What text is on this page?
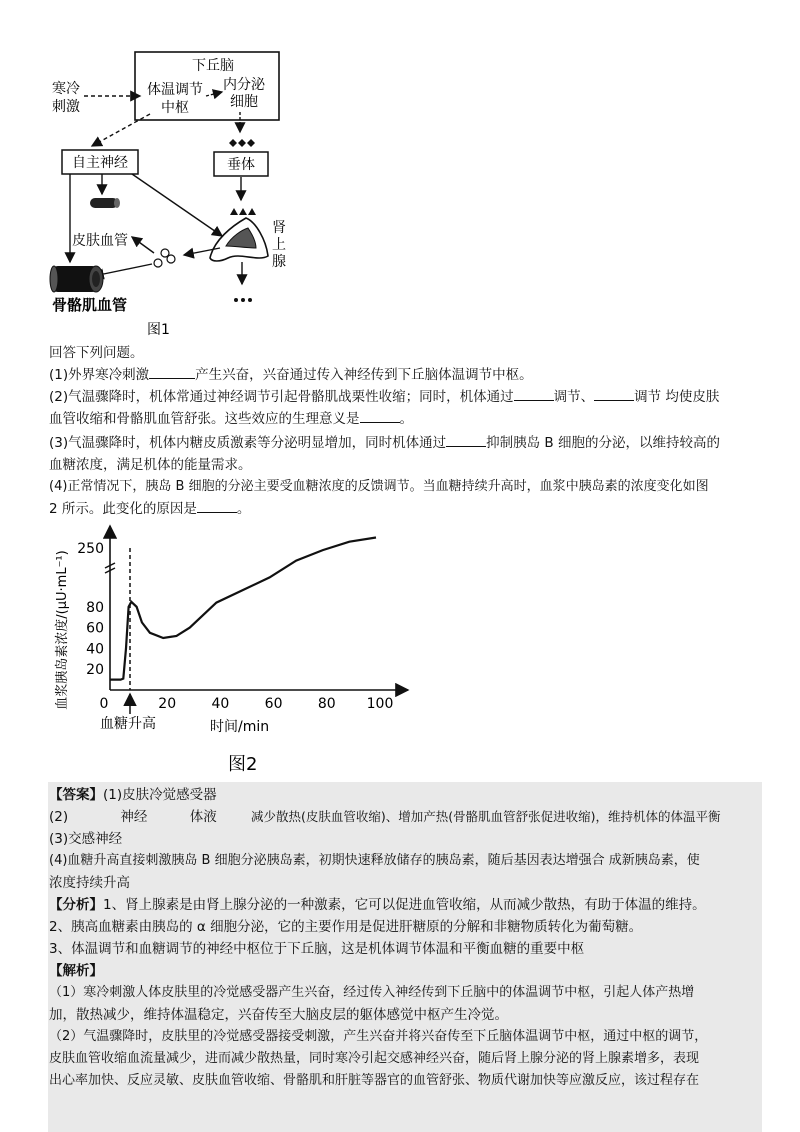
下丘脑
体温调节
中枢
内分泌
细胞
寒冷
刺激
自主神经	垂体
肾
上
腺
皮肤血管
骨骼肌血管
图1
回答下列问题。
(1)外界寒冷刺激	产生兴奋，兴奋通过传入神经传到下丘脑体温调节中枢。
(2)气温骤降时，机体常通过神经调节引起骨骼肌战栗性收缩；同时，机体通过	调节、	调节 均使皮肤
血管收缩和骨骼肌血管舒张。这些效应的生理意义是	。
(3)气温骤降时，机体内糖皮质激素等分泌明显增加，同时机体通过	抑制胰岛 B 细胞的分泌，以维持较高的
血糖浓度，满足机体的能量需求。
(4)正常情况下，胰岛 B 细胞的分泌主要受血糖浓度的反馈调节。当血糖持续升高时，血浆中胰岛素的浓度变化如图
2 所示。此变化的原因是	。
血浆胰岛素浓度/(μU·mL⁻¹) 20
40
60
80
250
0	20	40	60	80 100
血糖升高	时间/min
图2
【答案】(1)皮肤冷觉感受器
(2)	神经	体液	减少散热(皮肤血管收缩)、增加产热(骨骼肌血管舒张促进收缩)，维持机体的体温平衡
(3)交感神经
(4)血糖升高直接刺激胰岛 B 细胞分泌胰岛素，初期快速释放储存的胰岛素，随后基因表达增强合 成新胰岛素，使
浓度持续升高
【分析】1、肾上腺素是由肾上腺分泌的一种激素，它可以促进血管收缩，从而减少散热，有助于体温的维持。
2、胰高血糖素由胰岛的 α 细胞分泌，它的主要作用是促进肝糖原的分解和非糖物质转化为葡萄糖。
3、体温调节和血糖调节的神经中枢位于下丘脑，这是机体调节体温和平衡血糖的重要中枢
【解析】
（1）寒冷刺激人体皮肤里的冷觉感受器产生兴奋，经过传入神经传到下丘脑中的体温调节中枢，引起人体产热增
加，散热减少，维持体温稳定，兴奋传至大脑皮层的躯体感觉中枢产生冷觉。
（2）气温骤降时，皮肤里的冷觉感受器接受刺激，产生兴奋并将兴奋传至下丘脑体温调节中枢，通过中枢的调节，
皮肤血管收缩血流量减少，进而减少散热量，同时寒冷引起交感神经兴奋，随后肾上腺分泌的肾上腺素增多，表现
出心率加快、反应灵敏、皮肤血管收缩、骨骼肌和肝脏等器官的血管舒张、物质代谢加快等应激反应，该过程存在
